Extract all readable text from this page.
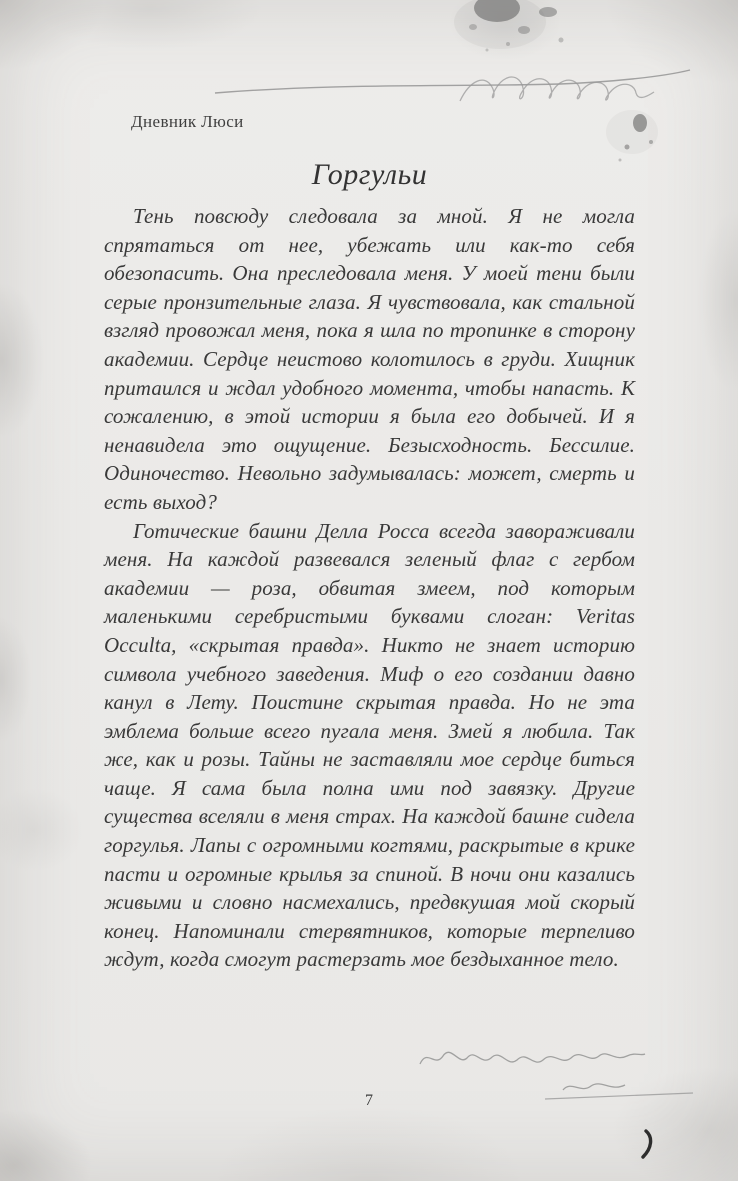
Дневник Люси
Горгульи

Тень повсюду следовала за мной. Я не могла спрятаться от нее, убежать или как-то себя обезопасить. Она преследовала меня. У моей тени были серые пронзительные глаза. Я чувствовала, как стальной взгляд провожал меня, пока я шла по тропинке в сторону академии. Сердце неистово колотилось в груди. Хищник притаился и ждал удобного момента, чтобы напасть. К сожалению, в этой истории я была его добычей. И я ненавидела это ощущение. Безысходность. Бессилие. Одиночество. Невольно задумывалась: может, смерть и есть выход?

Готические башни Делла Росса всегда завораживали меня. На каждой развевался зеленый флаг с гербом академии — роза, обвитая змеем, под которым маленькими серебристыми буквами слоган: Veritas Occulta, «скрытая правда». Никто не знает историю символа учебного заведения. Миф о его создании давно канул в Лету. Поистине скрытая правда. Но не эта эмблема больше всего пугала меня. Змей я любила. Так же, как и розы. Тайны не заставляли мое сердце биться чаще. Я сама была полна ими под завязку. Другие существа вселяли в меня страх. На каждой башне сидела горгулья. Лапы с огромными когтями, раскрытые в крике пасти и огромные крылья за спиной. В ночи они казались живыми и словно насмехались, предвкушая мой скорый конец. Напоминали стервятников, которые терпеливо ждут, когда смогут растерзать мое бездыханное тело.

7
